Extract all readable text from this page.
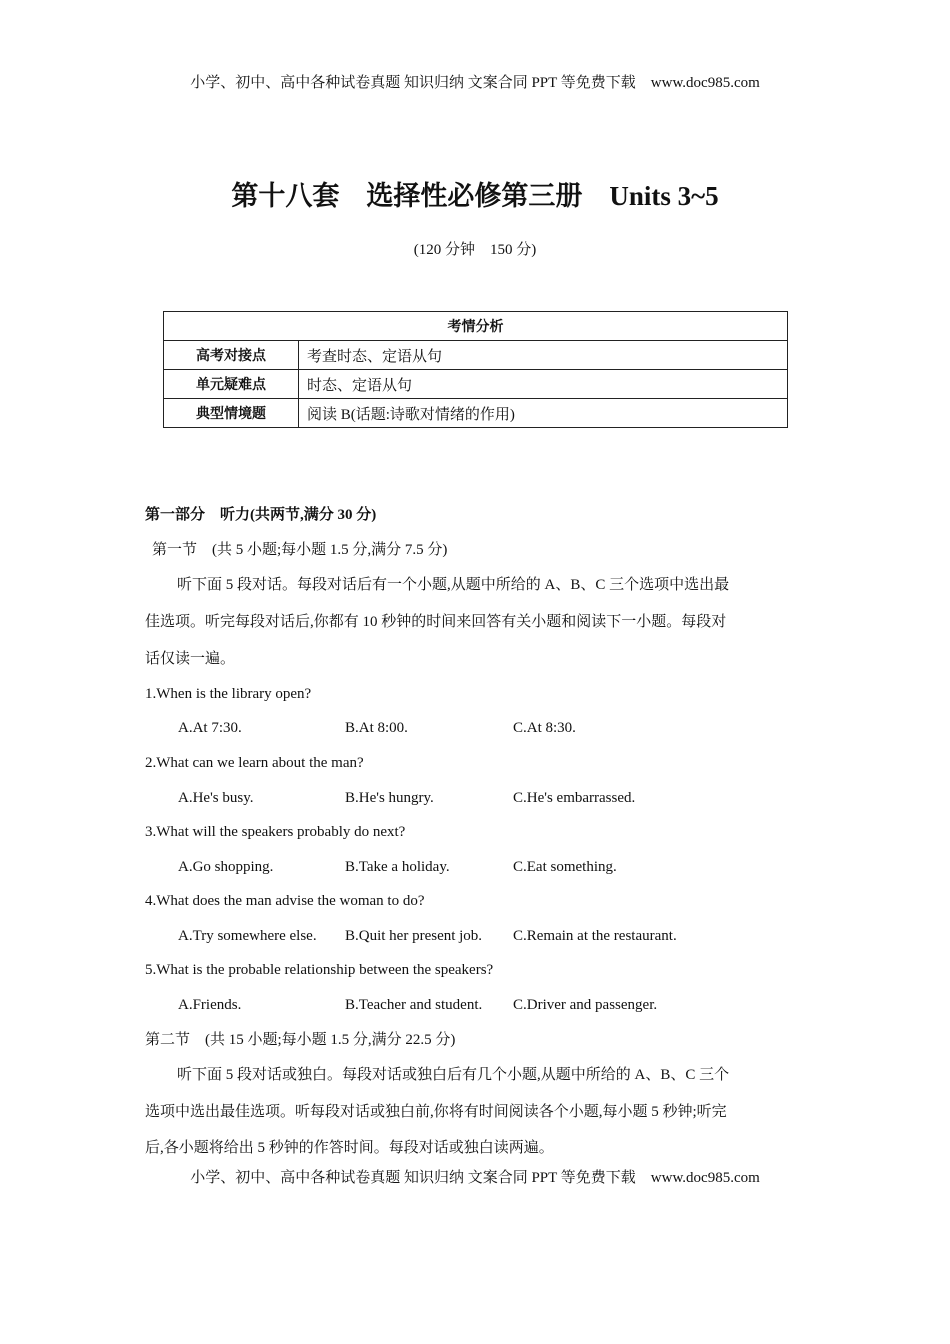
小学、初中、高中各种试卷真题 知识归纳 文案合同 PPT 等免费下载　www.doc985.com
第十八套　选择性必修第三册　Units 3~5
(120 分钟　150 分)
考情分析	
高考对接点	考查时态、定语从句
单元疑难点	时态、定语从句
典型情境题	阅读 B(话题:诗歌对情绪的作用)
第一部分　听力(共两节,满分 30 分)
第一节　(共 5 小题;每小题 1.5 分,满分 7.5 分)
听下面 5 段对话。每段对话后有一个小题,从题中所给的 A、B、C 三个选项中选出最
佳选项。听完每段对话后,你都有 10 秒钟的时间来回答有关小题和阅读下一小题。每段对
话仅读一遍。
1.When is the library open?
A.At 7:30.	B.At 8:00.	C.At 8:30.
2.What can we learn about the man?
A.He's busy.	B.He's hungry.	C.He's embarrassed.
3.What will the speakers probably do next?
A.Go shopping.	B.Take a holiday.	C.Eat something.
4.What does the man advise the woman to do?
A.Try somewhere else. B.Quit her present job. C.Remain at the restaurant.
5.What is the probable relationship between the speakers?
A.Friends.	B.Teacher and student. C.Driver and passenger.
第二节　(共 15 小题;每小题 1.5 分,满分 22.5 分)
听下面 5 段对话或独白。每段对话或独白后有几个小题,从题中所给的 A、B、C 三个
选项中选出最佳选项。听每段对话或独白前,你将有时间阅读各个小题,每小题 5 秒钟;听完
后,各小题将给出 5 秒钟的作答时间。每段对话或独白读两遍。
小学、初中、高中各种试卷真题 知识归纳 文案合同 PPT 等免费下载　www.doc985.com
